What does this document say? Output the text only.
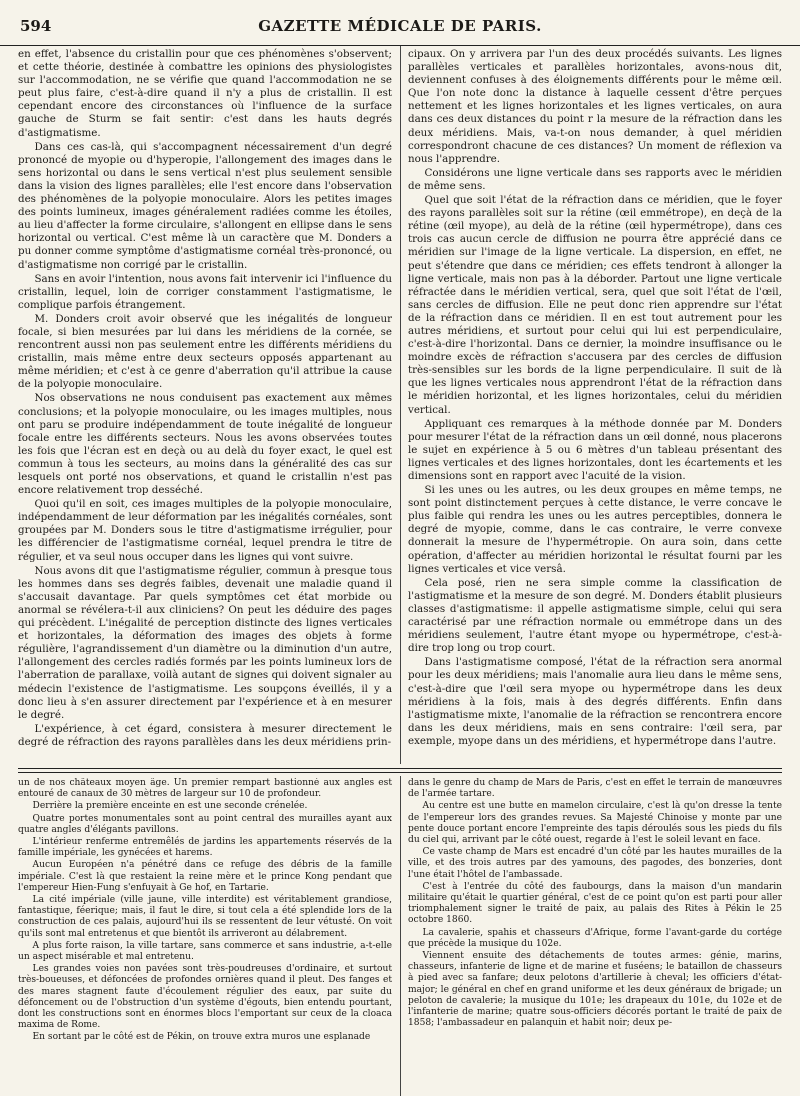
594	GAZETTE MÉDICALE DE PARIS.

en effet, l'absence du cristallin pour que ces phénomènes s'observent; et cette théorie, destinée à combattre les opinions des physiologistes sur l'accommodation, ne se vérifie que quand l'accommodation ne se peut plus faire, c'est-à-dire quand il n'y a plus de cristallin. Il est cependant encore des circonstances où l'influence de la surface gauche de Sturm se fait sentir: c'est dans les hauts degrés d'astigmatisme.

Dans ces cas-là, qui s'accompagnent nécessairement d'un degré prononcé de myopie ou d'hyperopie, l'allongement des images dans le sens horizontal ou dans le sens vertical n'est plus seulement sensible dans la vision des lignes parallèles; elle l'est encore dans l'observation des phénomènes de la polyopie monoculaire. Alors les petites images des points lumineux, images généralement radiées comme les étoiles, au lieu d'affecter la forme circulaire, s'allongent en ellipse dans le sens horizontal ou vertical. C'est même là un caractère que M. Donders a pu donner comme symptôme d'astigmatisme cornéal très-prononcé, ou d'astigmatisme non corrigé par le cristallin.

Sans en avoir l'intention, nous avons fait intervenir ici l'influence du cristallin, lequel, loin de corriger constamment l'astigmatisme, le complique parfois étrangement.

M. Donders croit avoir observé que les inégalités de longueur focale, si bien mesurées par lui dans les méridiens de la cornée, se rencontrent aussi non pas seulement entre les différents méridiens du cristallin, mais même entre deux secteurs opposés appartenant au même méridien; et c'est à ce genre d'aberration qu'il attribue la cause de la polyopie monoculaire.

Nos observations ne nous conduisent pas exactement aux mêmes conclusions; et la polyopie monoculaire, ou les images multiples, nous ont paru se produire indépendamment de toute inégalité de longueur focale entre les différents secteurs. Nous les avons observées toutes les fois que l'écran est en deçà ou au delà du foyer exact, le quel est commun à tous les secteurs, au moins dans la généralité des cas sur lesquels ont porté nos observations, et quand le cristallin n'est pas encore relativement trop desséché.

Quoi qu'il en soit, ces images multiples de la polyopie monoculaire, indépendamment de leur déformation par les inégalités cornéales, sont groupées par M. Donders sous le titre d'astigmatisme irrégulier, pour les différencier de l'astigmatisme cornéal, lequel prendra le titre de régulier, et va seul nous occuper dans les lignes qui vont suivre.

Nous avons dit que l'astigmatisme régulier, commun à presque tous les hommes dans ses degrés faibles, devenait une maladie quand il s'accusait davantage. Par quels symptômes cet état morbide ou anormal se révélera-t-il aux cliniciens? On peut les déduire des pages qui précèdent. L'inégalité de perception distincte des lignes verticales et horizontales, la déformation des images des objets à forme régulière, l'agrandissement d'un diamètre ou la diminution d'un autre, l'allongement des cercles radiés formés par les points lumineux lors de l'aberration de parallaxe, voilà autant de signes qui doivent signaler au médecin l'existence de l'astigmatisme. Les soupçons éveillés, il y a donc lieu à s'en assurer directement par l'expérience et à en mesurer le degré.

L'expérience, à cet égard, consistera à mesurer directement le degré de réfraction des rayons parallèles dans les deux méridiens prin-

cipaux. On y arrivera par l'un des deux procédés suivants. Les lignes parallèles verticales et parallèles horizontales, avons-nous dit, deviennent confuses à des éloignements différents pour le même œil. Que l'on note donc la distance à laquelle cessent d'être perçues nettement et les lignes horizontales et les lignes verticales, on aura dans ces deux distances du point r la mesure de la réfraction dans les deux méridiens. Mais, va-t-on nous demander, à quel méridien correspondront chacune de ces distances? Un moment de réflexion va nous l'apprendre.

Considérons une ligne verticale dans ses rapports avec le méridien de même sens.

Quel que soit l'état de la réfraction dans ce méridien, que le foyer des rayons parallèles soit sur la rétine (œil emmétrope), en deçà de la rétine (œil myope), au delà de la rétine (œil hypermétrope), dans ces trois cas aucun cercle de diffusion ne pourra être apprécié dans ce méridien sur l'image de la ligne verticale. La dispersion, en effet, ne peut s'étendre que dans ce méridien; ces effets tendront à allonger la ligne verticale, mais non pas à la déborder. Partout une ligne verticale réfractée dans le méridien vertical, sera, quel que soit l'état de l'œil, sans cercles de diffusion. Elle ne peut donc rien apprendre sur l'état de la réfraction dans ce méridien. Il en est tout autrement pour les autres méridiens, et surtout pour celui qui lui est perpendiculaire, c'est-à-dire l'horizontal. Dans ce dernier, la moindre insuffisance ou le moindre excès de réfraction s'accusera par des cercles de diffusion très-sensibles sur les bords de la ligne perpendiculaire. Il suit de là que les lignes verticales nous apprendront l'état de la réfraction dans le méridien horizontal, et les lignes horizontales, celui du méridien vertical.

Appliquant ces remarques à la méthode donnée par M. Donders pour mesurer l'état de la réfraction dans un œil donné, nous placerons le sujet en expérience à 5 ou 6 mètres d'un tableau présentant des lignes verticales et des lignes horizontales, dont les écartements et les dimensions sont en rapport avec l'acuité de la vision.

Si les unes ou les autres, ou les deux groupes en même temps, ne sont point distinctement perçues à cette distance, le verre concave le plus faible qui rendra les unes ou les autres perceptibles, donnera le degré de myopie, comme, dans le cas contraire, le verre convexe donnerait la mesure de l'hypermétropie. On aura soin, dans cette opération, d'affecter au méridien horizontal le résultat fourni par les lignes verticales et vice versâ.

Cela posé, rien ne sera simple comme la classification de l'astigmatisme et la mesure de son degré. M. Donders établit plusieurs classes d'astigmatisme: il appelle astigmatisme simple, celui qui sera caractérisé par une réfraction normale ou emmétrope dans un des méridiens seulement, l'autre étant myope ou hypermétrope, c'est-à-dire trop long ou trop court.

Dans l'astigmatisme composé, l'état de la réfraction sera anormal pour les deux méridiens; mais l'anomalie aura lieu dans le même sens, c'est-à-dire que l'œil sera myope ou hypermétrope dans les deux méridiens à la fois, mais à des degrés différents. Enfin dans l'astigmatisme mixte, l'anomalie de la réfraction se rencontrera encore dans les deux méridiens, mais en sens contraire: l'œil sera, par exemple, myope dans un des méridiens, et hypermétrope dans l'autre.

un de nos châteaux moyen âge. Un premier rempart bastionné aux angles est entouré de canaux de 30 mètres de largeur sur 10 de profondeur.

Derrière la première enceinte en est une seconde crénelée.

Quatre portes monumentales sont au point central des murailles ayant aux quatre angles d'élégants pavillons.

L'intérieur renferme entremêlés de jardins les appartements réservés de la famille impériale, les gynécées et harems.

Aucun Européen n'a pénétré dans ce refuge des débris de la famille impériale. C'est là que restaient la reine mère et le prince Kong pendant que l'empereur Hien-Fung s'enfuyait à Ge hof, en Tartarie.

La cité impériale (ville jaune, ville interdite) est véritablement grandiose, fantastique, féerique; mais, il faut le dire, si tout cela a été splendide lors de la construction de ces palais, aujourd'hui ils se ressentent de leur vétusté. On voit qu'ils sont mal entretenus et que bientôt ils arriveront au délabrement.

A plus forte raison, la ville tartare, sans commerce et sans industrie, a-t-elle un aspect misérable et mal entretenu.

Les grandes voies non pavées sont très-poudreuses d'ordinaire, et surtout très-boueuses, et défoncées de profondes ornières quand il pleut. Des fanges et des mares stagnent faute d'écoulement régulier des eaux, par suite du défoncement ou de l'obstruction d'un système d'égouts, bien entendu pourtant, dont les constructions sont en énormes blocs l'emportant sur ceux de la cloaca maxima de Rome.

En sortant par le côté est de Pékin, on trouve extra muros une esplanade

dans le genre du champ de Mars de Paris, c'est en effet le terrain de manœuvres de l'armée tartare.

Au centre est une butte en mamelon circulaire, c'est là qu'on dresse la tente de l'empereur lors des grandes revues. Sa Majesté Chinoise y monte par une pente douce portant encore l'empreinte des tapis déroulés sous les pieds du fils du ciel qui, arrivant par le côté ouest, regarde à l'est le soleil levant en face.

Ce vaste champ de Mars est encadré d'un côté par les hautes murailles de la ville, et des trois autres par des yamouns, des pagodes, des bonzeries, dont l'une était l'hôtel de l'ambassade.

C'est à l'entrée du côté des faubourgs, dans la maison d'un mandarin militaire qu'était le quartier général, c'est de ce point qu'on est parti pour aller triomphalement signer le traité de paix, au palais des Rites à Pékin le 25 octobre 1860.

La cavalerie, spahis et chasseurs d'Afrique, forme l'avant-garde du cortége que précède la musique du 102e.

Viennent ensuite des détachements de toutes armes: génie, marins, chasseurs, infanterie de ligne et de marine et fuséens; le bataillon de chasseurs à pied avec sa fanfare; deux pelotons d'artillerie à cheval; les officiers d'état-major; le général en chef en grand uniforme et les deux généraux de brigade; un peloton de cavalerie; la musique du 101e; les drapeaux du 101e, du 102e et de l'infanterie de marine; quatre sous-officiers décorés portant le traité de paix de 1858; l'ambassadeur en palanquin et habit noir; deux pe-
